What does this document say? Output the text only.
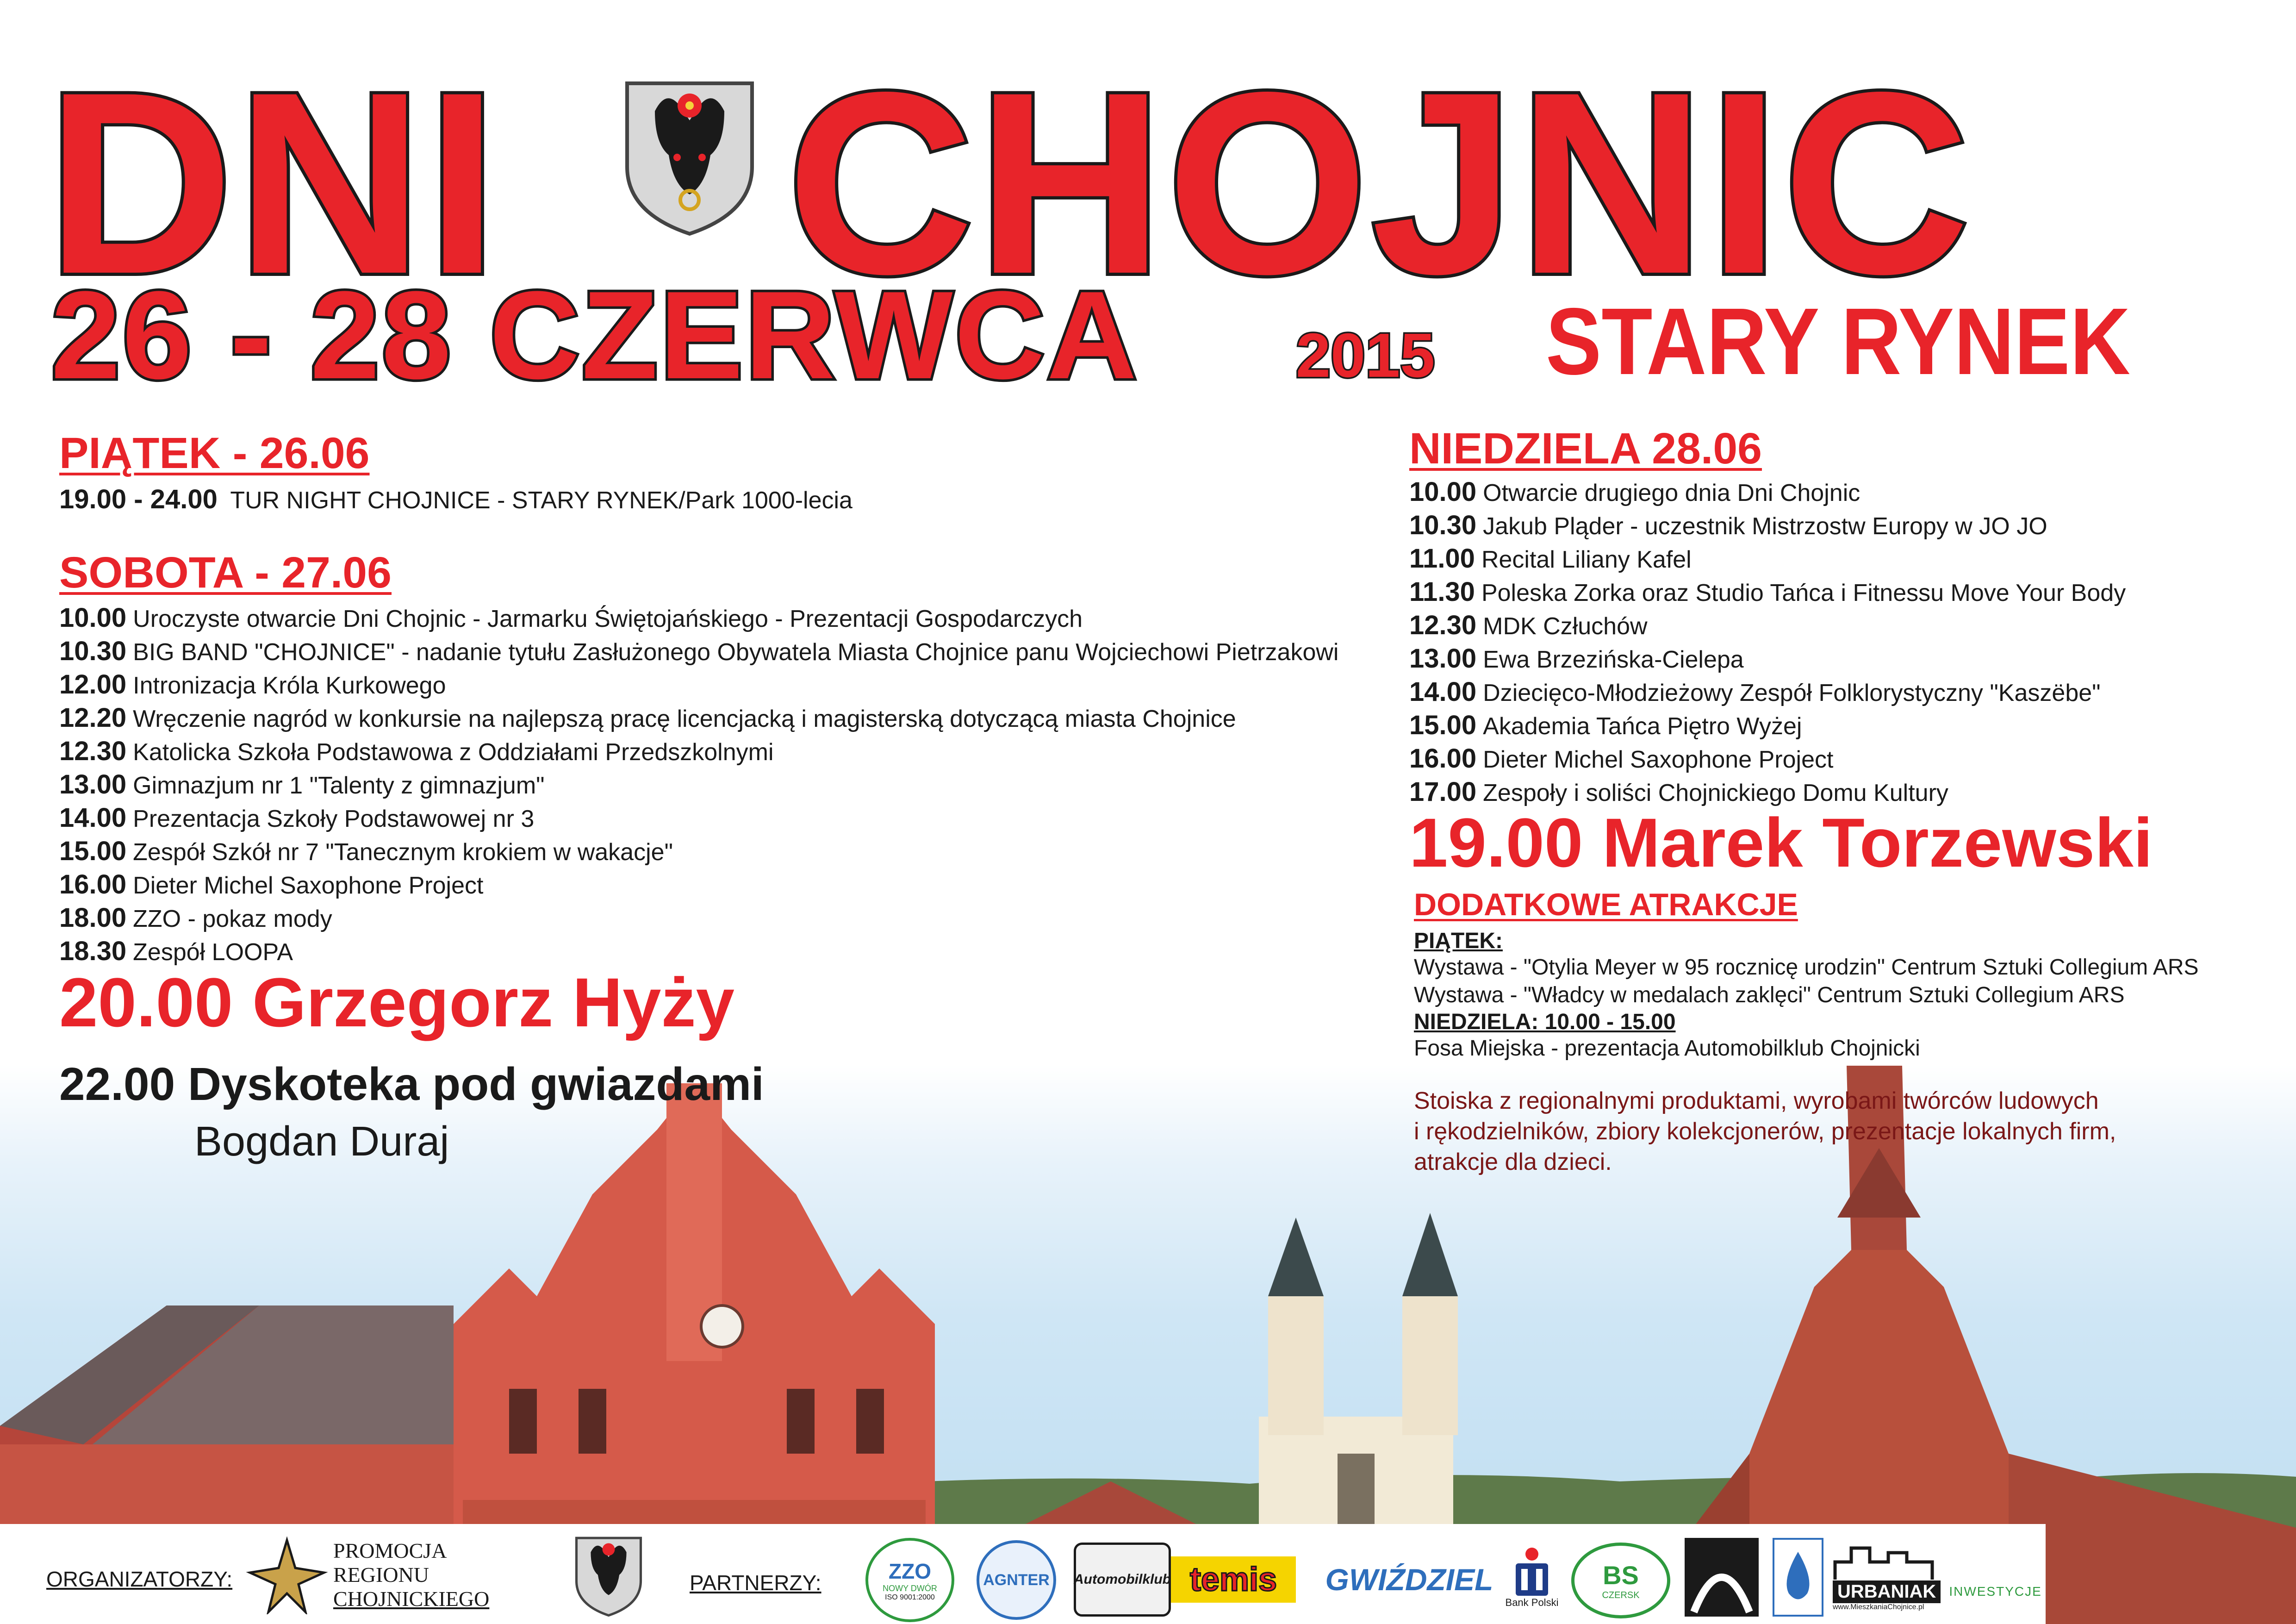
DNI CHOJNIC
26 - 28 CZERWCA	2015 STARY RYNEK
PIĄTEK - 26.06
19.00 - 24.00 TUR NIGHT CHOJNICE - STARY RYNEK/Park 1000-lecia
SOBOTA - 27.06
10.00 Uroczyste otwarcie Dni Chojnic - Jarmarku Świętojańskiego - Prezentacji Gospodarczych
10.30 BIG BAND "CHOJNICE" - nadanie tytułu Zasłużonego Obywatela Miasta Chojnice panu Wojciechowi Pietrzakowi
12.00 Intronizacja Króla Kurkowego
12.20 Wręczenie nagród w konkursie na najlepszą pracę licencjacką i magisterską dotyczącą miasta Chojnice
12.30 Katolicka Szkoła Podstawowa z Oddziałami Przedszkolnymi
13.00 Gimnazjum nr 1 "Talenty z gimnazjum"
14.00 Prezentacja Szkoły Podstawowej nr 3
15.00 Zespół Szkół nr 7 "Tanecznym krokiem w wakacje"
16.00 Dieter Michel Saxophone Project
18.00 ZZO - pokaz mody
18.30 Zespół LOOPA
20.00 Grzegorz Hyży
22.00 Dyskoteka pod gwiazdami
Bogdan Duraj
NIEDZIELA 28.06
10.00 Otwarcie drugiego dnia Dni Chojnic
10.30 Jakub Pląder - uczestnik Mistrzostw Europy w JO JO
11.00 Recital Liliany Kafel
11.30 Poleska Zorka oraz Studio Tańca i Fitnessu Move Your Body
12.30 MDK Człuchów
13.00 Ewa Brzezińska-Cielepa
14.00 Dziecięco-Młodzieżowy Zespół Folklorystyczny "Kaszëbe"
15.00 Akademia Tańca Piętro Wyżej
16.00 Dieter Michel Saxophone Project
17.00 Zespoły i soliści Chojnickiego Domu Kultury
19.00 Marek Torzewski
DODATKOWE ATRAKCJE
PIĄTEK:
Wystawa - "Otylia Meyer w 95 rocznicę urodzin" Centrum Sztuki Collegium ARS
Wystawa - "Władcy w medalach zaklęci" Centrum Sztuki Collegium ARS
NIEDZIELA: 10.00 - 15.00
Fosa Miejska - prezentacja Automobilklub Chojnicki
Stoiska z regionalnymi produktami, wyrobami twórców ludowych
i rękodzielników, zbiory kolekcjonerów, prezentacje lokalnych firm,
atrakcje dla dzieci.
ORGANIZATORZY:
PROMOCJA
REGIONU
CHOJNICKIEGO
PARTNERZY:	ZZO
NOWY DWÓR
ISO 9001:2000
AGNTER Automobilklub temis GWIŹDZIEL
Bank Polski
BS
CZERSK	URBANIAK	INWESTYCJE
www.MieszkaniaChojnice.pl
